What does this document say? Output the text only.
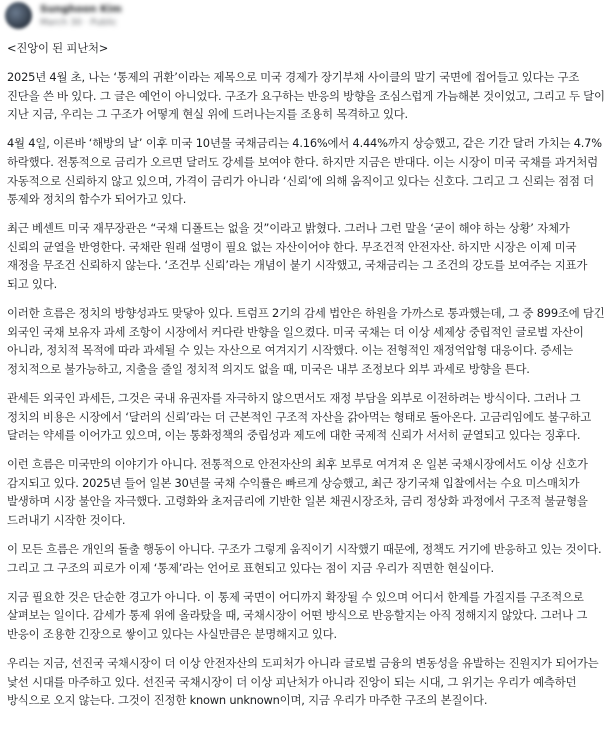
Sunghoon Kim
March 30 · Public
<진앙이 된 피난처>

2025년 4월 초, 나는 ‘통제의 귀환’이라는 제목으로 미국 경제가 장기부채 사이클의 말기 국면에 접어들고 있다는 구조 진단을 쓴 바 있다. 그 글은 예언이 아니었다. 구조가 요구하는 반응의 방향을 조심스럽게 가늠해본 것이었고, 그리고 두 달이 지난 지금, 우리는 그 구조가 어떻게 현실 위에 드러나는지를 조용히 목격하고 있다.

4월 4일, 이른바 ‘해방의 날’ 이후 미국 10년물 국채금리는 4.16%에서 4.44%까지 상승했고, 같은 기간 달러 가치는 4.7% 하락했다. 전통적으로 금리가 오르면 달러도 강세를 보여야 한다. 하지만 지금은 반대다. 이는 시장이 미국 국채를 과거처럼 자동적으로 신뢰하지 않고 있으며, 가격이 금리가 아니라 ‘신뢰’에 의해 움직이고 있다는 신호다. 그리고 그 신뢰는 점점 더 통제와 정치의 함수가 되어가고 있다.

최근 베센트 미국 재무장관은 “국채 디폴트는 없을 것”이라고 밝혔다. 그러나 그런 말을 ‘굳이 해야 하는 상황’ 자체가 신뢰의 균열을 반영한다. 국채란 원래 설명이 필요 없는 자산이어야 한다. 무조건적 안전자산. 하지만 시장은 이제 미국 재정을 무조건 신뢰하지 않는다. ‘조건부 신뢰’라는 개념이 붙기 시작했고, 국채금리는 그 조건의 강도를 보여주는 지표가 되고 있다.

이러한 흐름은 정치의 방향성과도 맞닿아 있다. 트럼프 2기의 감세 법안은 하원을 가까스로 통과했는데, 그 중 899조에 담긴 외국인 국채 보유자 과세 조항이 시장에서 커다란 반향을 일으켰다. 미국 국채는 더 이상 세제상 중립적인 글로벌 자산이 아니라, 정치적 목적에 따라 과세될 수 있는 자산으로 여겨지기 시작했다. 이는 전형적인 재정억압형 대응이다. 증세는 정치적으로 불가능하고, 지출을 줄일 정치적 의지도 없을 때, 미국은 내부 조정보다 외부 과세로 방향을 튼다.

관세든 외국인 과세든, 그것은 국내 유권자를 자극하지 않으면서도 재정 부담을 외부로 이전하려는 방식이다. 그러나 그 정치의 비용은 시장에서 ‘달러의 신뢰’라는 더 근본적인 구조적 자산을 갉아먹는 형태로 돌아온다. 고금리임에도 불구하고 달러는 약세를 이어가고 있으며, 이는 통화정책의 중립성과 제도에 대한 국제적 신뢰가 서서히 균열되고 있다는 징후다.

이런 흐름은 미국만의 이야기가 아니다. 전통적으로 안전자산의 최후 보루로 여겨져 온 일본 국채시장에서도 이상 신호가 감지되고 있다. 2025년 들어 일본 30년물 국채 수익률은 빠르게 상승했고, 최근 장기국채 입찰에서는 수요 미스매치가 발생하며 시장 불안을 자극했다. 고령화와 초저금리에 기반한 일본 채권시장조차, 금리 정상화 과정에서 구조적 불균형을 드러내기 시작한 것이다.

이 모든 흐름은 개인의 돌출 행동이 아니다. 구조가 그렇게 움직이기 시작했기 때문에, 정책도 거기에 반응하고 있는 것이다. 그리고 그 구조의 피로가 이제 ‘통제’라는 언어로 표현되고 있다는 점이 지금 우리가 직면한 현실이다.

지금 필요한 것은 단순한 경고가 아니다. 이 통제 국면이 어디까지 확장될 수 있으며 어디서 한계를 가질지를 구조적으로 살펴보는 일이다. 감세가 통제 위에 올라탔을 때, 국채시장이 어떤 방식으로 반응할지는 아직 정해지지 않았다. 그러나 그 반응이 조용한 긴장으로 쌓이고 있다는 사실만큼은 분명해지고 있다.

우리는 지금, 선진국 국채시장이 더 이상 안전자산의 도피처가 아니라 글로벌 금융의 변동성을 유발하는 진원지가 되어가는 낯선 시대를 마주하고 있다. 선진국 국채시장이 더 이상 피난처가 아니라 진앙이 되는 시대, 그 위기는 우리가 예측하던 방식으로 오지 않는다. 그것이 진정한 known unknown이며, 지금 우리가 마주한 구조의 본질이다.
